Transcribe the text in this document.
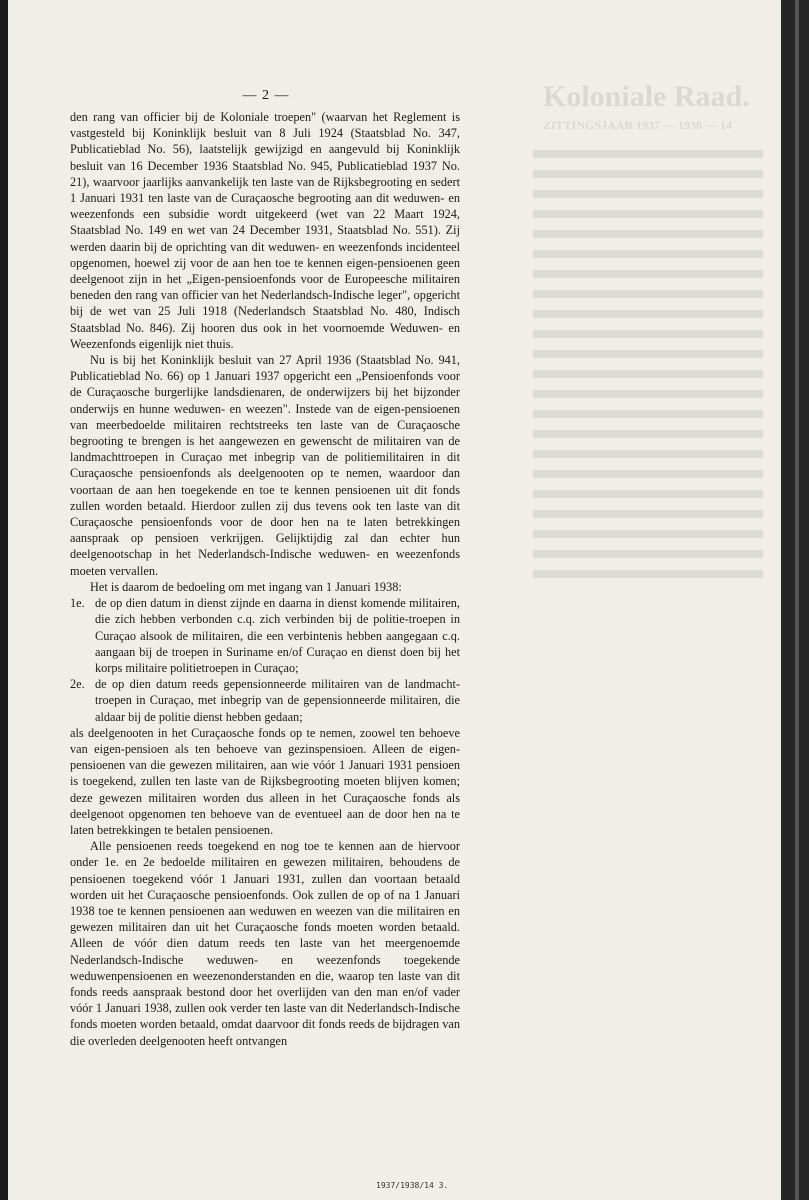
Koloniale Raad.
ZITTINGSJAAR 1937 — 1938 — 14
— 2 —

den rang van officier bij de Koloniale troepen" (waarvan het Reglement is vastgesteld bij Koninklijk besluit van 8 Juli 1924 (Staatsblad No. 347, Publicatieblad No. 56), laatstelijk gewijzigd en aangevuld bij Koninklijk besluit van 16 December 1936 Staatsblad No. 945, Publicatieblad 1937 No. 21), waarvoor jaarlijks aanvankelijk ten laste van de Rijksbegrooting en sedert 1 Januari 1931 ten laste van de Curaçaosche begrooting aan dit weduwen- en weezenfonds een subsidie wordt uitgekeerd (wet van 22 Maart 1924, Staatsblad No. 149 en wet van 24 December 1931, Staatsblad No. 551). Zij werden daarin bij de oprichting van dit weduwen- en weezenfonds incidenteel opgenomen, hoewel zij voor de aan hen toe te kennen eigen-pensioenen geen deelgenoot zijn in het „Eigen-pensioenfonds voor de Europeesche militairen beneden den rang van officier van het Nederlandsch-Indische leger", opgericht bij de wet van 25 Juli 1918 (Nederlandsch Staatsblad No. 480, Indisch Staatsblad No. 846). Zij hooren dus ook in het voornoemde Weduwen- en Weezenfonds eigenlijk niet thuis.

Nu is bij het Koninklijk besluit van 27 April 1936 (Staatsblad No. 941, Publicatieblad No. 66) op 1 Januari 1937 opgericht een „Pensioenfonds voor de Curaçaosche burgerlijke landsdienaren, de onderwijzers bij het bijzonder onderwijs en hunne weduwen- en weezen". Instede van de eigen-pensioenen van meerbedoelde militairen rechtstreeks ten laste van de Curaçaosche begrooting te brengen is het aangewezen en gewenscht de militairen van de landmachttroepen in Curaçao met inbegrip van de politiemilitairen in dit Curaçaosche pensioenfonds als deelgenooten op te nemen, waardoor dan voortaan de aan hen toegekende en toe te kennen pensioenen uit dit fonds zullen worden betaald. Hierdoor zullen zij dus tevens ook ten laste van dit Curaçaosche pensioenfonds voor de door hen na te laten betrekkingen aanspraak op pensioen verkrijgen. Gelijktijdig zal dan echter hun deelgenootschap in het Nederlandsch-Indische weduwen- en weezenfonds moeten vervallen.

Het is daarom de bedoeling om met ingang van 1 Januari 1938:

1e. de op dien datum in dienst zijnde en daarna in dienst komende militairen, die zich hebben verbonden c.q. zich verbinden bij de politie-troepen in Curaçao alsook de militairen, die een verbintenis hebben aangegaan c.q. aangaan bij de troepen in Suriname en/of Curaçao en dienst doen bij het korps militaire politietroepen in Curaçao;
2e. de op dien datum reeds gepensionneerde militairen van de landmacht-troepen in Curaçao, met inbegrip van de gepensionneerde militairen, die aldaar bij de politie dienst hebben gedaan;

als deelgenooten in het Curaçaosche fonds op te nemen, zoowel ten behoeve van eigen-pensioen als ten behoeve van gezinspensioen. Alleen de eigen-pensioenen van die gewezen militairen, aan wie vóór 1 Januari 1931 pensioen is toegekend, zullen ten laste van de Rijksbegrooting moeten blijven komen; deze gewezen militairen worden dus alleen in het Curaçaosche fonds als deelgenoot opgenomen ten behoeve van de eventueel aan de door hen na te laten betrekkingen te betalen pensioenen.

Alle pensioenen reeds toegekend en nog toe te kennen aan de hiervoor onder 1e. en 2e bedoelde militairen en gewezen militairen, behoudens de pensioenen toegekend vóór 1 Januari 1931, zullen dan voortaan betaald worden uit het Curaçaosche pensioenfonds. Ook zullen de op of na 1 Januari 1938 toe te kennen pensioenen aan weduwen en weezen van die militairen en gewezen militairen dan uit het Curaçaosche fonds moeten worden betaald. Alleen de vóór dien datum reeds ten laste van het meergenoemde Nederlandsch-Indische weduwen- en weezenfonds toegekende weduwenpensioenen en weezenonderstanden en die, waarop ten laste van dit fonds reeds aanspraak bestond door het overlijden van den man en/of vader vóór 1 Januari 1938, zullen ook verder ten laste van dit Nederlandsch-Indische fonds moeten worden betaald, omdat daarvoor dit fonds reeds de bijdragen van die overleden deelgenooten heeft ontvangen

1937/1938/14 3.
